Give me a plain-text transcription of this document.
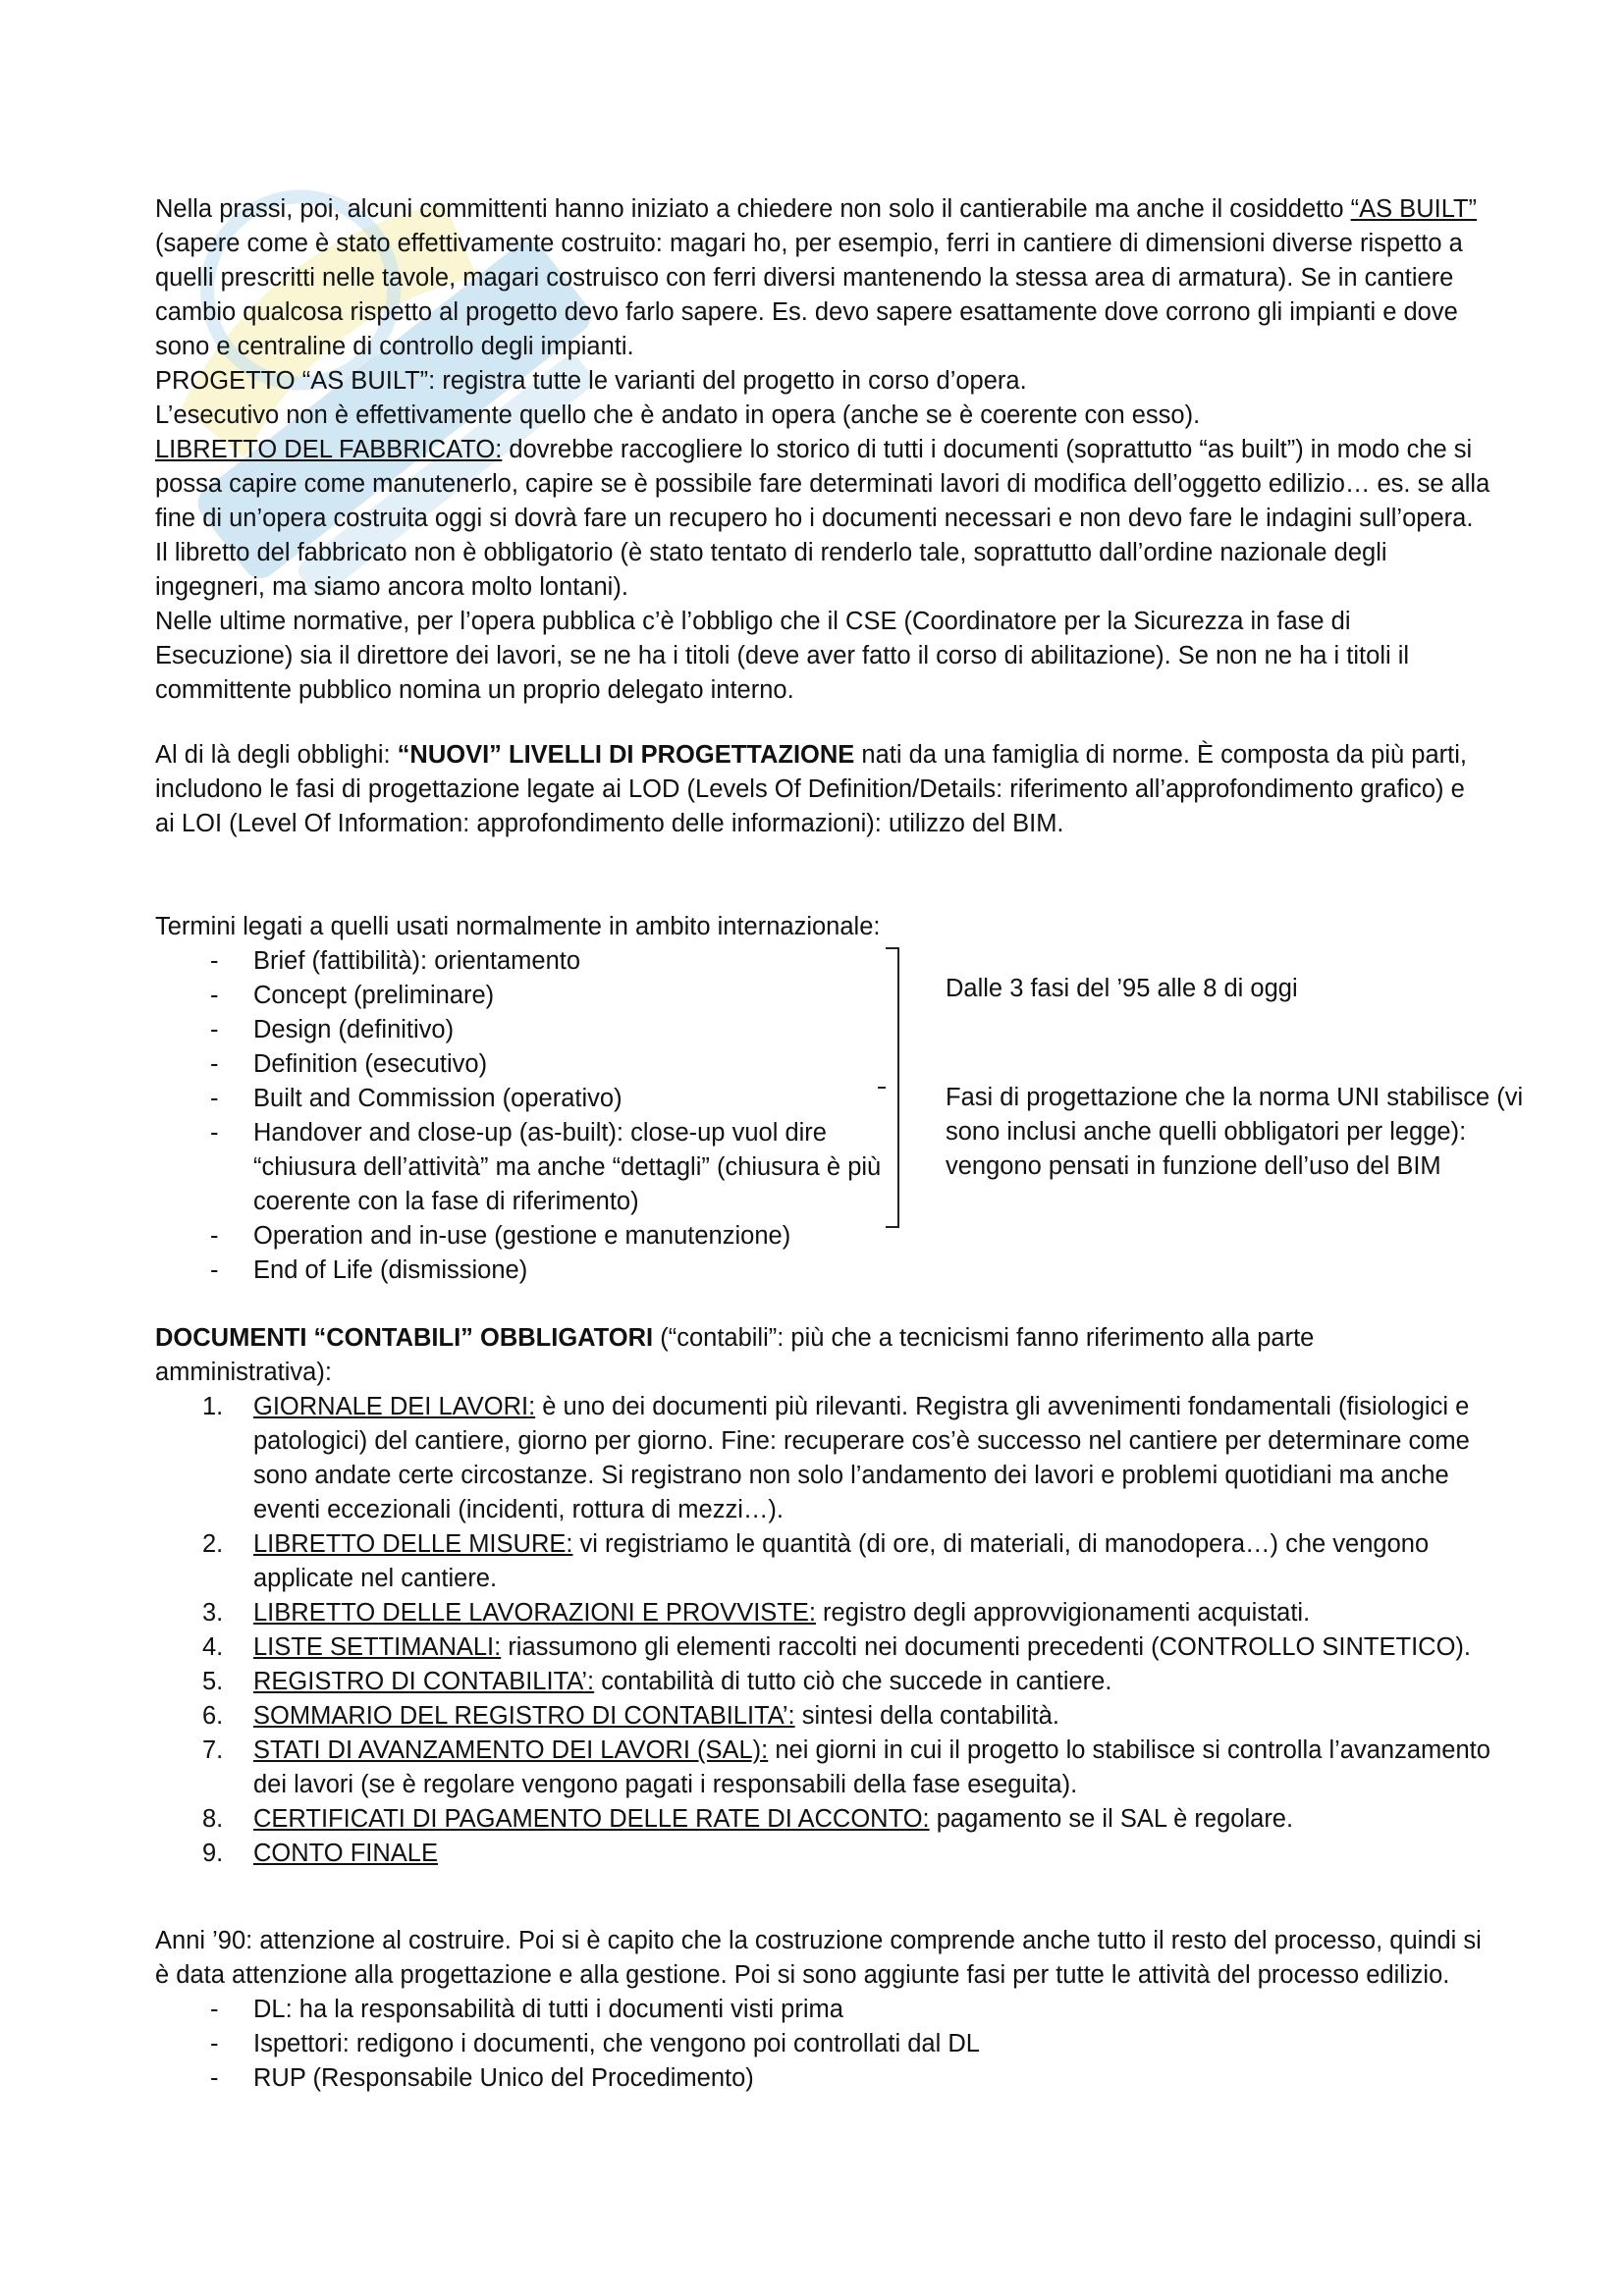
Nella prassi, poi, alcuni committenti hanno iniziato a chiedere non solo il cantierabile ma anche il cosiddetto “AS BUILT” (sapere come è stato effettivamente costruito: magari ho, per esempio, ferri in cantiere di dimensioni diverse rispetto a quelli prescritti nelle tavole, magari costruisco con ferri diversi mantenendo la stessa area di armatura). Se in cantiere cambio qualcosa rispetto al progetto devo farlo sapere. Es. devo sapere esattamente dove corrono gli impianti e dove sono e centraline di controllo degli impianti.

PROGETTO “AS BUILT”: registra tutte le varianti del progetto in corso d’opera.

L’esecutivo non è effettivamente quello che è andato in opera (anche se è coerente con esso).

LIBRETTO DEL FABBRICATO: dovrebbe raccogliere lo storico di tutti i documenti (soprattutto “as built”) in modo che si possa capire come manutenerlo, capire se è possibile fare determinati lavori di modifica dell’oggetto edilizio… es. se alla fine di un’opera costruita oggi si dovrà fare un recupero ho i documenti necessari e non devo fare le indagini sull’opera. Il libretto del fabbricato non è obbligatorio (è stato tentato di renderlo tale, soprattutto dall’ordine nazionale degli ingegneri, ma siamo ancora molto lontani).

Nelle ultime normative, per l’opera pubblica c’è l’obbligo che il CSE (Coordinatore per la Sicurezza in fase di Esecuzione) sia il direttore dei lavori, se ne ha i titoli (deve aver fatto il corso di abilitazione). Se non ne ha i titoli il committente pubblico nomina un proprio delegato interno.

Al di là degli obblighi: “NUOVI” LIVELLI DI PROGETTAZIONE nati da una famiglia di norme. È composta da più parti, includono le fasi di progettazione legate ai LOD (Levels Of Definition/Details: riferimento all’approfondimento grafico) e ai LOI (Level Of Information: approfondimento delle informazioni): utilizzo del BIM.

Termini legati a quelli usati normalmente in ambito internazionale:

- Brief (fattibilità): orientamento
- Concept (preliminare)
- Design (definitivo)
- Definition (esecutivo)
- Built and Commission (operativo)
- Handover and close-up (as-built): close-up vuol dire “chiusura dell’attività” ma anche “dettagli” (chiusura è più coerente con la fase di riferimento)
- Operation and in-use (gestione e manutenzione)
- End of Life (dismissione)
Dalle 3 fasi del ’95 alle 8 di oggi
Fasi di progettazione che la norma UNI stabilisce (vi sono inclusi anche quelli obbligatori per legge): vengono pensati in funzione dell’uso del BIM

DOCUMENTI “CONTABILI” OBBLIGATORI (“contabili”: più che a tecnicismi fanno riferimento alla parte amministrativa):

1. GIORNALE DEI LAVORI: è uno dei documenti più rilevanti. Registra gli avvenimenti fondamentali (fisiologici e patologici) del cantiere, giorno per giorno. Fine: recuperare cos’è successo nel cantiere per determinare come sono andate certe circostanze. Si registrano non solo l’andamento dei lavori e problemi quotidiani ma anche eventi eccezionali (incidenti, rottura di mezzi…).
2. LIBRETTO DELLE MISURE: vi registriamo le quantità (di ore, di materiali, di manodopera…) che vengono applicate nel cantiere.
3. LIBRETTO DELLE LAVORAZIONI E PROVVISTE: registro degli approvvigionamenti acquistati.
4. LISTE SETTIMANALI: riassumono gli elementi raccolti nei documenti precedenti (CONTROLLO SINTETICO).
5. REGISTRO DI CONTABILITA’: contabilità di tutto ciò che succede in cantiere.
6. SOMMARIO DEL REGISTRO DI CONTABILITA’: sintesi della contabilità.
7. STATI DI AVANZAMENTO DEI LAVORI (SAL): nei giorni in cui il progetto lo stabilisce si controlla l’avanzamento dei lavori (se è regolare vengono pagati i responsabili della fase eseguita).
8. CERTIFICATI DI PAGAMENTO DELLE RATE DI ACCONTO: pagamento se il SAL è regolare.
9. CONTO FINALE

Anni ’90: attenzione al costruire. Poi si è capito che la costruzione comprende anche tutto il resto del processo, quindi si è data attenzione alla progettazione e alla gestione. Poi si sono aggiunte fasi per tutte le attività del processo edilizio.

- DL: ha la responsabilità di tutti i documenti visti prima
- Ispettori: redigono i documenti, che vengono poi controllati dal DL
- RUP (Responsabile Unico del Procedimento)
